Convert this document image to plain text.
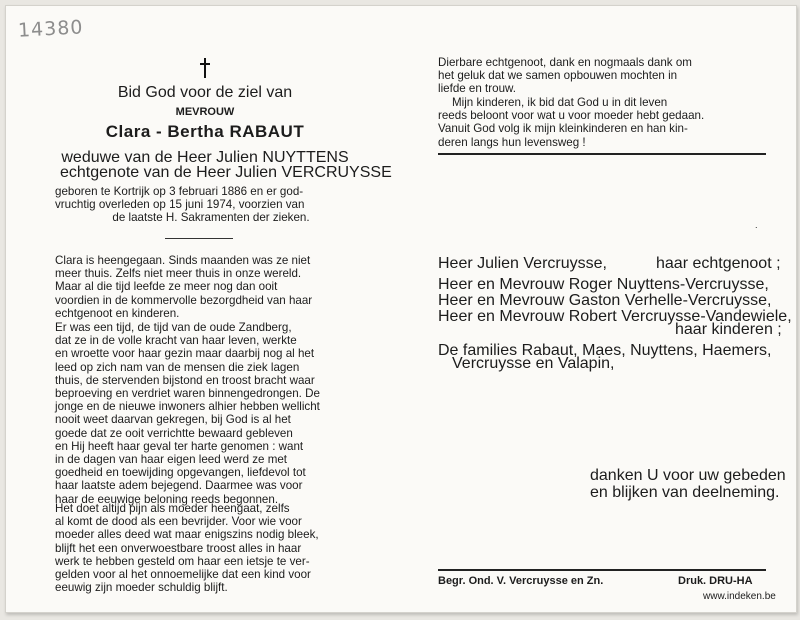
14380
Bid God voor de ziel van
MEVROUW
Clara - Bertha RABAUT
weduwe van de Heer Julien NUYTTENS
echtgenote van de Heer Julien VERCRUYSSE
geboren te Kortrijk op 3 februari 1886 en er god-
vruchtig overleden op 15 juni 1974, voorzien van
de laatste H. Sakramenten der zieken.
Clara is heengegaan. Sinds maanden was ze niet
meer thuis. Zelfs niet meer thuis in onze wereld.
Maar al die tijd leefde ze meer nog dan ooit
voordien in de kommervolle bezorgdheid van haar
echtgenoot en kinderen.
Er was een tijd, de tijd van de oude Zandberg,
dat ze in de volle kracht van haar leven, werkte
en wroette voor haar gezin maar daarbij nog al het
leed op zich nam van de mensen die ziek lagen
thuis, de stervenden bijstond en troost bracht waar
beproeving en verdriet waren binnengedrongen. De
jonge en de nieuwe inwoners alhier hebben wellicht
nooit weet daarvan gekregen, bij God is al het
goede dat ze ooit verrichtte bewaard gebleven
en Hij heeft haar geval ter harte genomen : want
in de dagen van haar eigen leed werd ze met
goedheid en toewijding opgevangen, liefdevol tot
haar laatste adem bejegend. Daarmee was voor
haar de eeuwige beloning reeds begonnen.
Het doet altijd pijn als moeder heengaat, zelfs
al komt de dood als een bevrijder. Voor wie voor
moeder alles deed wat maar enigszins nodig bleek,
blijft het een onverwoestbare troost alles in haar
werk te hebben gesteld om haar een ietsje te ver-
gelden voor al het onnoemelijke dat een kind voor
eeuwig zijn moeder schuldig blijft.
Dierbare echtgenoot, dank en nogmaals dank om
het geluk dat we samen opbouwen mochten in
liefde en trouw.
Mijn kinderen, ik bid dat God u in dit leven
reeds beloont voor wat u voor moeder hebt gedaan.
Vanuit God volg ik mijn kleinkinderen en han kin-
deren langs hun levensweg !
.
Heer Julien Vercruysse,	haar echtgenoot ;
Heer en Mevrouw Roger Nuyttens-Vercruysse,
Heer en Mevrouw Gaston Verhelle-Vercruysse,
Heer en Mevrouw Robert Vercruysse-Vandewiele,
haar kinderen ;
De families Rabaut, Maes, Nuyttens, Haemers,
Vercruysse en Valapin,
danken U voor uw gebeden
en blijken van deelneming.
Begr. Ond. V. Vercruysse en Zn.	Druk. DRU-HA
www.indeken.be
